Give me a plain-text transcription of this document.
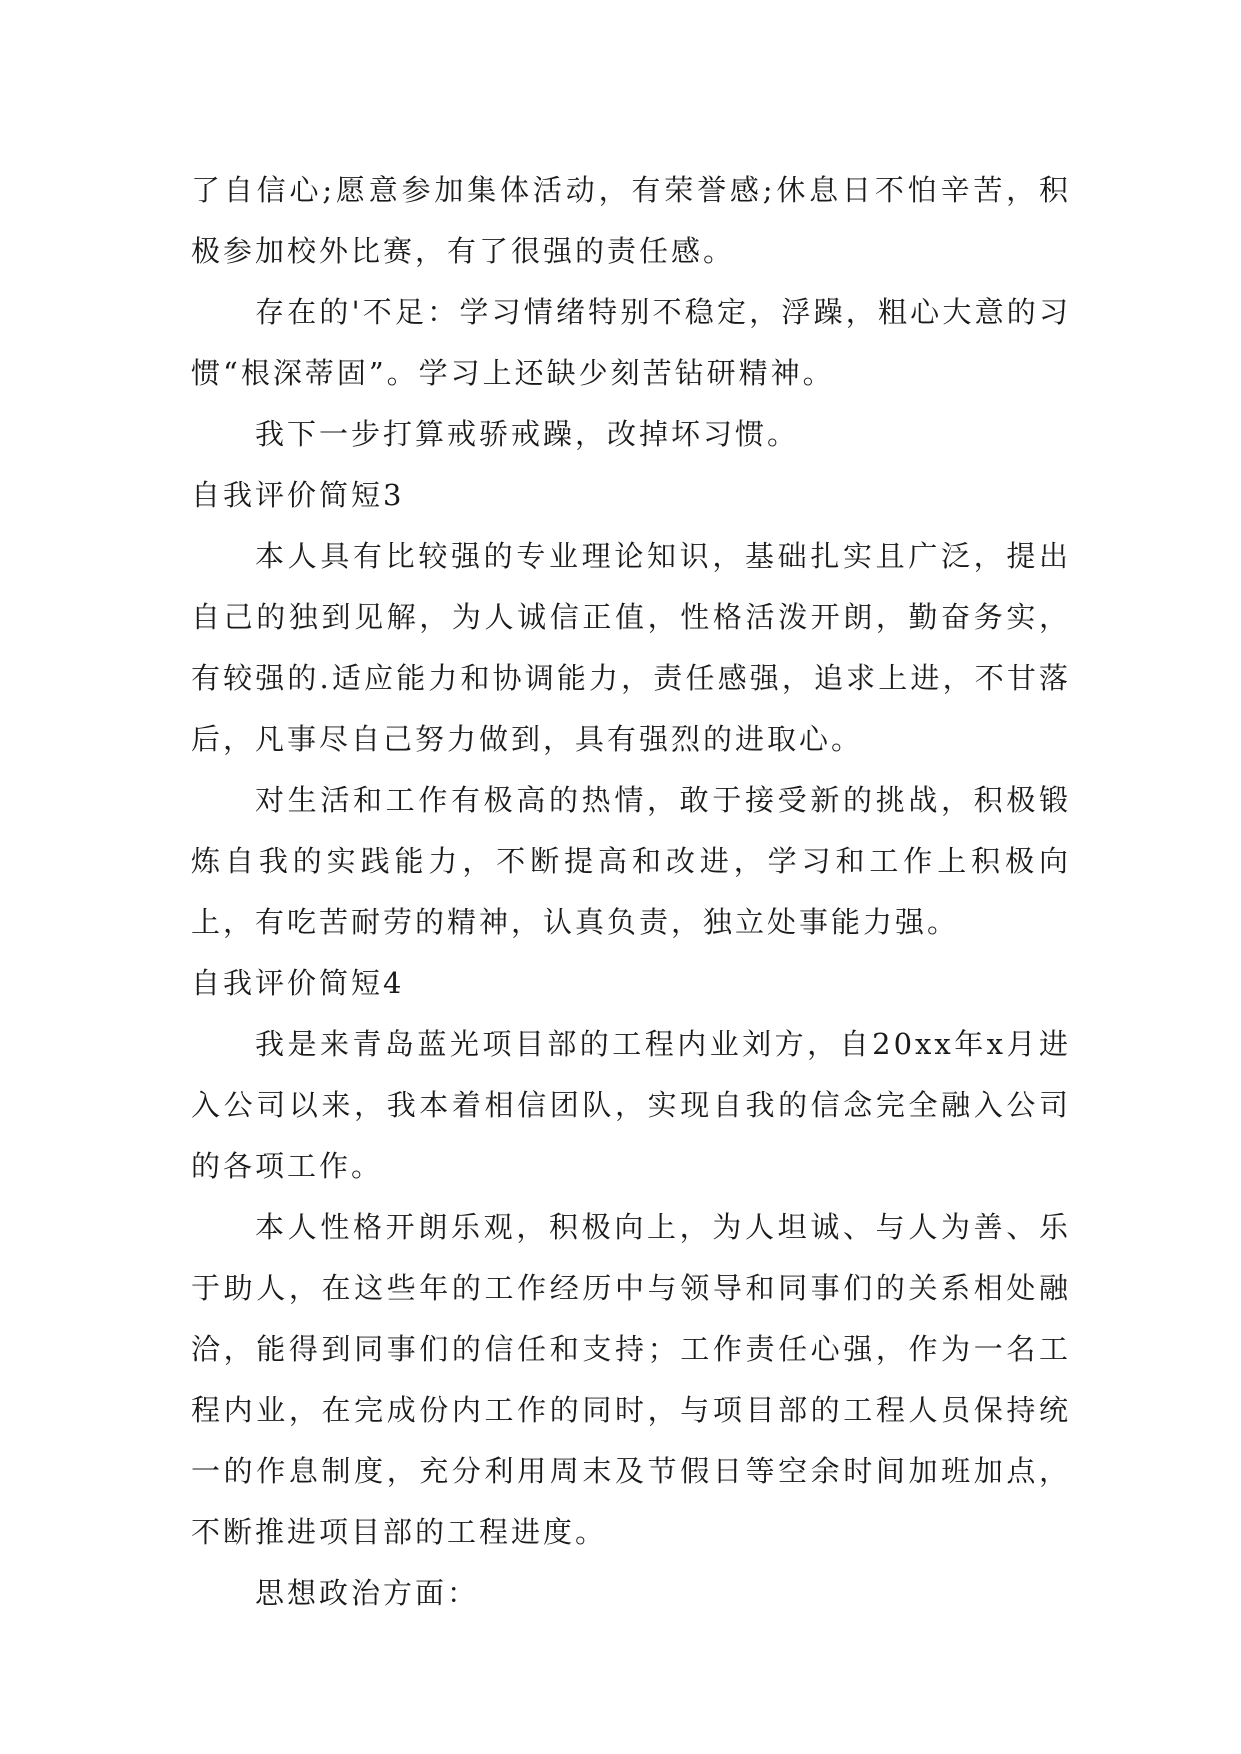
了自信心;愿意参加集体活动，有荣誉感;休息日不怕辛苦，积极参加校外比赛，有了很强的责任感。

存在的'不足：学习情绪特别不稳定，浮躁，粗心大意的习惯“根深蒂固”。学习上还缺少刻苦钻研精神。

我下一步打算戒骄戒躁，改掉坏习惯。

自我评价简短3

本人具有比较强的专业理论知识，基础扎实且广泛，提出自己的独到见解，为人诚信正值，性格活泼开朗，勤奋务实，有较强的.适应能力和协调能力，责任感强，追求上进，不甘落后，凡事尽自己努力做到，具有强烈的进取心。

对生活和工作有极高的热情，敢于接受新的挑战，积极锻炼自我的实践能力，不断提高和改进，学习和工作上积极向上，有吃苦耐劳的精神，认真负责，独立处事能力强。

自我评价简短4

我是来青岛蓝光项目部的工程内业刘方，自20xx年x月进入公司以来，我本着相信团队，实现自我的信念完全融入公司的各项工作。

本人性格开朗乐观，积极向上，为人坦诚、与人为善、乐于助人，在这些年的工作经历中与领导和同事们的关系相处融洽，能得到同事们的信任和支持；工作责任心强，作为一名工程内业，在完成份内工作的同时，与项目部的工程人员保持统一的作息制度，充分利用周末及节假日等空余时间加班加点，不断推进项目部的工程进度。

思想政治方面：
